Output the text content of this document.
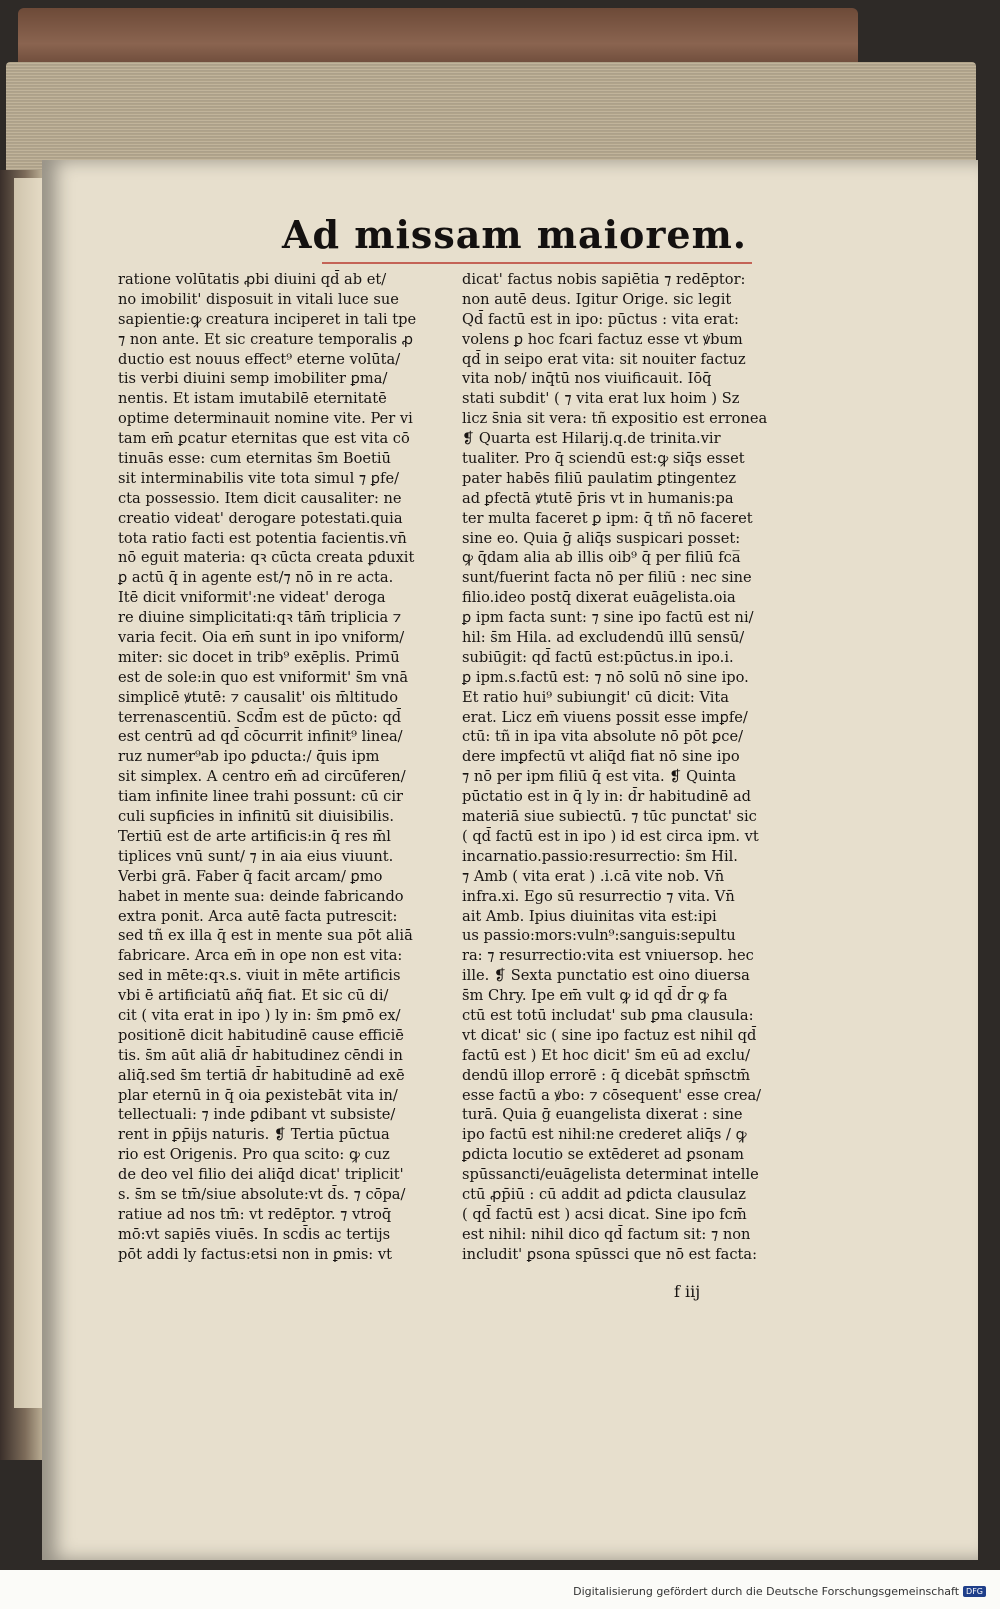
Ad missam maiorem.
ratione volūtatis ꝓbi diuini qd̄ ab et/
no imobilit' disposuit in vitali luce sue
sapientie:ꝙ creatura inciperet in tali tpe
⁊ non ante. Et sic creature temporalis ꝓ
ductio est nouus effect⁹ eterne volūta/
tis verbi diuini semp imobiliter ꝑma/
nentis. Et istam imutabilē eternitatē
optime determinauit nomine vite. Per vi
tam em̄ ꝑcatur eternitas que est vita cō
tinuās esse: cum eternitas s̄m Boetiū
sit interminabilis vite tota simul ⁊ ꝑfe/
cta possessio. Item dicit causaliter: ne
creatio videat' derogare potestati.quia
tota ratio facti est potentia facientis.vn̄
nō eguit materia: qꝛ cūcta creata ꝑduxit
ꝑ actū q̄ in agente est/⁊ nō in re acta.
Itē dicit vniformit':ne videat' deroga
re diuine simplicitati:qꝛ tām̄ triplicia ⁊
varia fecit. Oia em̄ sunt in ipo vniform/
miter: sic docet in trib⁹ exēplis. Primū
est de sole:in quo est vniformit' s̄m vnā
simplicē ꝟtutē: ⁊ causalit' ois m̄ltitudo
terrenascentiū. Scd̄m est de pūcto: qd̄
est centrū ad qd̄ cōcurrit infinit⁹ linea/
ruz numer⁹ab ipo ꝑducta:/ q̄uis ipm
sit simplex. A centro em̄ ad circūferen/
tiam infinite linee trahi possunt: cū cir
culi supficies in infinitū sit diuisibilis.
Tertiū est de arte artificis:in q̄ res m̄l
tiplices vnū sunt/ ⁊ in aia eius viuunt.
Verbi grā. Faber q̄ facit arcam/ ꝑmo
habet in mente sua: deinde fabricando
extra ponit. Arca autē facta putrescit:
sed tñ ex illa q̄ est in mente sua pōt aliā
fabricare. Arca em̄ in ope non est vita:
sed in mēte:qꝛ.s. viuit in mēte artificis
vbi ē artificiatū añq̄ fiat. Et sic cū di/
cit ( vita erat in ipo ) ly in: s̄m ꝑmō ex/
positionē dicit habitudinē cause efficiē
tis. s̄m aūt aliā d̄r habitudinez cēndi in
aliq̄.sed s̄m tertiā d̄r habitudinē ad exē
plar eternū in q̄ oia ꝑexistebāt vita in/
tellectuali: ⁊ inde ꝑdibant vt subsiste/
rent in ꝑp̄ijs naturis. ❡ Tertia pūctua
rio est Origenis. Pro qua scito: ꝙ cuz
de deo vel filio dei aliq̄d dicat' triplicit'
s. s̄m se tm̄/siue absolute:vt d̄s. ⁊ cōpa/
ratiue ad nos tm̄: vt redēptor. ⁊ vtroq̄
mō:vt sapiēs viuēs. In scd̄is ac tertijs
pōt addi ly factus:etsi non in ꝑmis: vt
dicat' factus nobis sapiētia ⁊ redēptor:
non autē deus. Igitur Orige. sic legit
Qd̄ factū est in ipo: pūctus : vita erat:
volens ꝑ hoc fcari factuz esse vt ꝟbum
qd̄ in seipo erat vita: sit nouiter factuz
vita nob/ inq̄tū nos viuificauit. Iōq̄
stati subdit' ( ⁊ vita erat lux hoim ) Sz
licz s̄nia sit vera: tñ expositio est erronea
❡ Quarta est Hilarij.q.de trinita.vir
tualiter. Pro q̄ sciendū est:ꝙ siq̄s esset
pater habēs filiū paulatim ꝑtingentez
ad ꝑfectā ꝟtutē p̄ris vt in humanis:pa
ter multa faceret ꝑ ipm: q̄ tñ nō faceret
sine eo. Quia ḡ aliq̄s suspicari posset:
ꝙ q̄dam alia ab illis oib⁹ q̄ per filiū fca̅
sunt/fuerint facta nō per filiū : nec sine
filio.ideo postq̄ dixerat euāgelista.oia
ꝑ ipm facta sunt: ⁊ sine ipo factū est ni/
hil: s̄m Hila. ad excludendū illū sensū/
subiūgit: qd̄ factū est:pūctus.in ipo.i.
ꝑ ipm.s.factū est: ⁊ nō solū nō sine ipo.
Et ratio hui⁹ subiungit' cū dicit: Vita
erat. Licz em̄ viuens possit esse imꝑfe/
ctū: tñ in ipa vita absolute nō pōt ꝑce/
dere imꝑfectū vt aliq̄d fiat nō sine ipo
⁊ nō per ipm filiū q̄ est vita. ❡ Quinta
pūctatio est in q̄ ly in: d̄r habitudinē ad
materiā siue subiectū. ⁊ tūc punctat' sic
( qd̄ factū est in ipo ) id est circa ipm. vt
incarnatio.passio:resurrectio: s̄m Hil.
⁊ Amb ( vita erat ) .i.cā vite nob. Vn̄
infra.xi. Ego sū resurrectio ⁊ vita. Vn̄
ait Amb. Ipius diuinitas vita est:ipi
us passio:mors:vuln⁹:sanguis:sepultu
ra: ⁊ resurrectio:vita est vniuersop. hec
ille. ❡ Sexta punctatio est oino diuersa
s̄m Chry. Ipe em̄ vult ꝙ id qd̄ d̄r ꝙ fa
ctū est totū includat' sub ꝑma clausula:
vt dicat' sic ( sine ipo factuz est nihil qd̄
factū est ) Et hoc dicit' s̄m eū ad exclu/
dendū illop errorē : q̄ dicebāt spm̄sctm̄
esse factū a ꝟbo: ⁊ cōsequent' esse crea/
turā. Quia ḡ euangelista dixerat : sine
ipo factū est nihil:ne crederet aliq̄s / ꝙ
ꝑdicta locutio se extēderet ad ꝑsonam
spūssancti/euāgelista determinat intelle
ctū ꝓp̄iū : cū addit ad ꝑdicta clausulaz
( qd̄ factū est ) acsi dicat. Sine ipo fcm̄
est nihil: nihil dico qd̄ factum sit: ⁊ non
includit' ꝑsona spūssci que nō est facta:
f iij
Digitalisierung gefördert durch die Deutsche Forschungsgemeinschaft DFG
